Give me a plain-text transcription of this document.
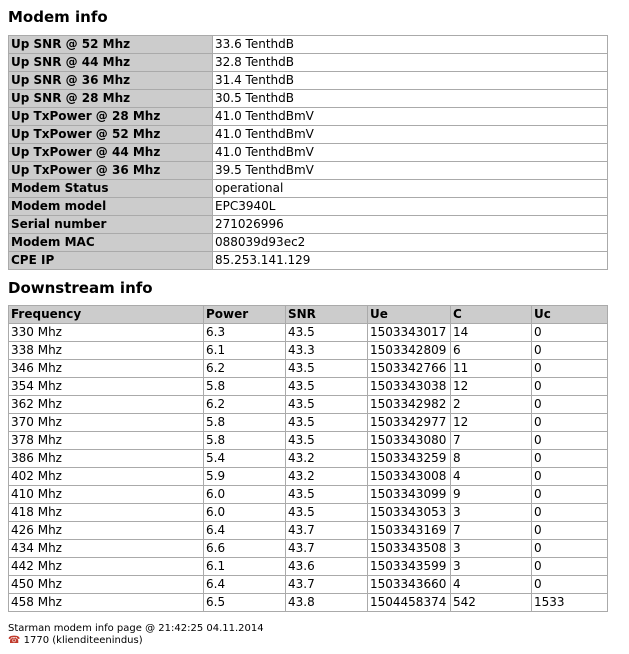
Modem info
Up SNR @ 52 Mhz	33.6 TenthdB
Up SNR @ 44 Mhz	32.8 TenthdB
Up SNR @ 36 Mhz	31.4 TenthdB
Up SNR @ 28 Mhz	30.5 TenthdB
Up TxPower @ 28 Mhz	41.0 TenthdBmV
Up TxPower @ 52 Mhz	41.0 TenthdBmV
Up TxPower @ 44 Mhz	41.0 TenthdBmV
Up TxPower @ 36 Mhz	39.5 TenthdBmV
Modem Status	operational
Modem model	EPC3940L
Serial number	271026996
Modem MAC	088039d93ec2
CPE IP	85.253.141.129
Downstream info
Frequency	Power	SNR	Ue	C	Uc
330 Mhz	6.3	43.5	1503343017	14	0
338 Mhz	6.1	43.3	1503342809	6	0
346 Mhz	6.2	43.5	1503342766	11	0
354 Mhz	5.8	43.5	1503343038	12	0
362 Mhz	6.2	43.5	1503342982	2	0
370 Mhz	5.8	43.5	1503342977	12	0
378 Mhz	5.8	43.5	1503343080	7	0
386 Mhz	5.4	43.2	1503343259	8	0
402 Mhz	5.9	43.2	1503343008	4	0
410 Mhz	6.0	43.5	1503343099	9	0
418 Mhz	6.0	43.5	1503343053	3	0
426 Mhz	6.4	43.7	1503343169	7	0
434 Mhz	6.6	43.7	1503343508	3	0
442 Mhz	6.1	43.6	1503343599	3	0
450 Mhz	6.4	43.7	1503343660	4	0
458 Mhz	6.5	43.8	1504458374	542	1533
Starman modem info page @ 21:42:25 04.11.2014
☎ 1770 (klienditeenindus)
